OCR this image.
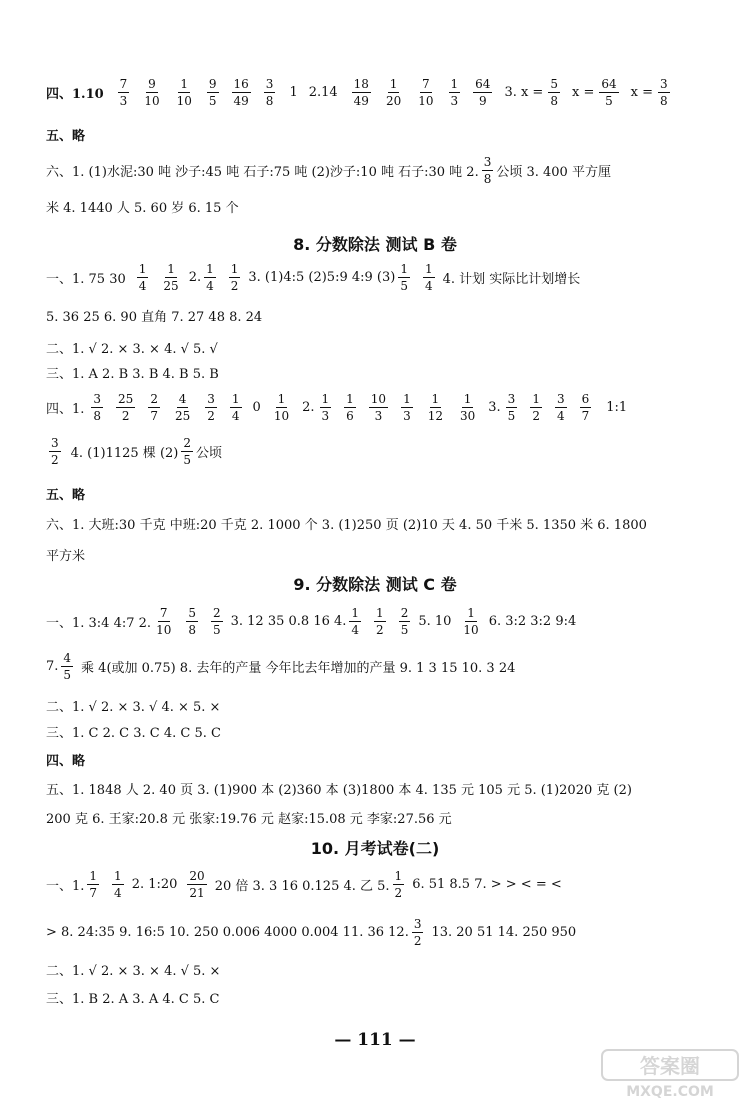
四、$1.10 \frac{7}{3} \frac{9}{10} \frac{1}{10} \frac{9}{5} \frac{16}{49} \frac{3}{8} 1$ $2.14 \frac{18}{49} \frac{1}{20} \frac{7}{10} \frac{1}{3} \frac{64}{9} 3$. $x = \frac{5}{8}$ $x = \frac{64}{5}$ $x = \frac{3}{8}$
五、略
六、1. (1)水泥:30 吨 沙子:45 吨 石子:75 吨 (2)沙子:10 吨 石子:30 吨 2. $\frac{3}{8}$ 公顷 3. 400 平方厘
米 4. 1440 人 5. 60 岁 6. 15 个
8. 分数除法 测试 B 卷
一、1. 75 $30 \frac{1}{4} \frac{1}{25} 2$. $\frac{1}{4} \frac{1}{2} 3$. (1)4:5 (2)5:9 4:9 $(3) \frac{1}{5} \frac{1}{4} 4$. 计划 实际比计划增长
5. 36 25 6. 90 直角 7. 27 48 8. 24
二、1. √ 2. × 3. × 4. √ 5. √
三、1. A 2. B 3. B 4. B 5. B
四、1. $\frac{3}{8} \frac{25}{2} \frac{2}{7} \frac{4}{25} \frac{3}{2} \frac{1}{4} 0 \frac{1}{10} 2$. $\frac{1}{3} \frac{1}{6} \frac{10}{3} \frac{1}{3} \frac{1}{12} \frac{1}{30} 3$. $\frac{3}{5} \frac{1}{2} \frac{3}{4} \frac{6}{7}$ 1:1
$\frac{3}{2} 4$. (1)1125 棵 $(2) \frac{2}{5}$ 公顷
五、略
六、1. 大班:30 千克 中班:20 千克 2. 1000 个 3. (1)250 页 (2)10 天 4. 50 千米 5. 1350 米 6. 1800
平方米
9. 分数除法 测试 C 卷
一、1. 3:4 4:7 2. $\frac{7}{10} \frac{5}{8} \frac{2}{5} 3$. 12 35 0.8 16 4. $\frac{1}{4} \frac{1}{2} \frac{2}{5} 5$. $10 \frac{1}{10} 6$. 3:2 3:2 9:4
7. $\frac{4}{5}$ 乘 4(或加 0.75) 8. 去年的产量 今年比去年增加的产量 9. 1 3 15 10. 3 24
二、1. √ 2. × 3. √ 4. × 5. ×
三、1. C 2. C 3. C 4. C 5. C
四、略
五、1. 1848 人 2. 40 页 3. (1)900 本 (2)360 本 (3)1800 本 4. 135 元 105 元 5. (1)2020 克 (2)
200 克 6. 王家:20.8 元 张家:19.76 元 赵家:15.08 元 李家:27.56 元
10. 月考试卷(二)
一、1. $\frac{1}{7} \frac{1}{4} 2$. 1:20 $\frac{20}{21} 20$ 倍 3. 3 16 0.125 4. 乙 5. $\frac{1}{2} 6$. 51 8.5 7. > > < = <
> 8. 24:35 9. 16:5 10. 250 0.006 4000 0.004 11. 36 12. $\frac{3}{2} 13$. 20 51 14. 250 950
二、1. √ 2. × 3. × 4. √ 5. ×
三、1. B 2. A 3. A 4. C 5. C
— 111 —
答案圈
MXQE.COM
